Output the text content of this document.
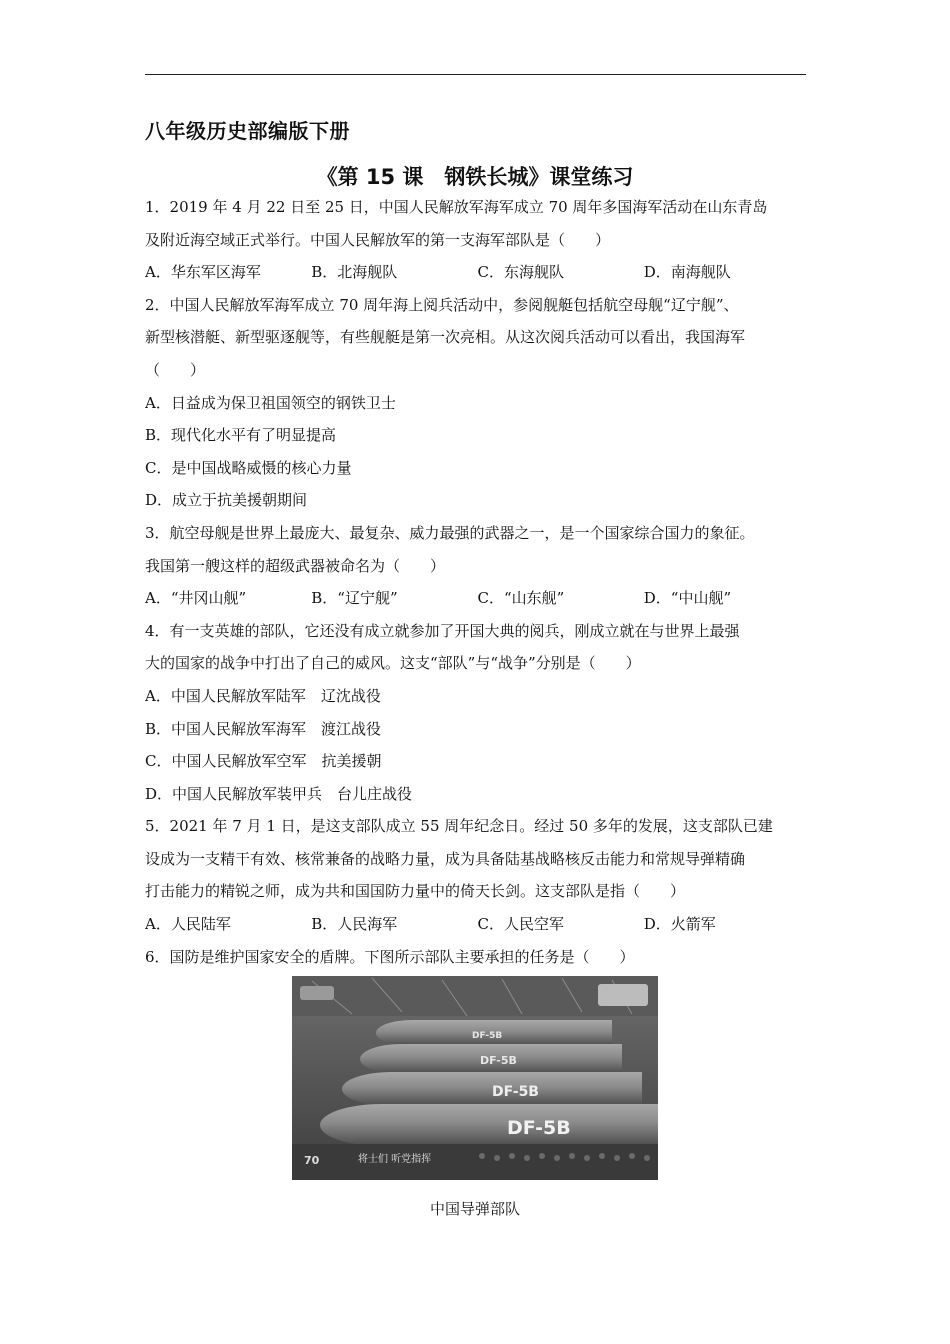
八年级历史部编版下册
《第 15 课　钢铁长城》课堂练习
1．2019 年 4 月 22 日至 25 日，中国人民解放军海军成立 70 周年多国海军活动在山东青岛
及附近海空域正式举行。中国人民解放军的第一支海军部队是（　　）
A．华东军区海军	B．北海舰队	C．东海舰队	D．南海舰队
2．中国人民解放军海军成立 70 周年海上阅兵活动中，参阅舰艇包括航空母舰“辽宁舰”、
新型核潜艇、新型驱逐舰等，有些舰艇是第一次亮相。从这次阅兵活动可以看出，我国海军
（　　）
A．日益成为保卫祖国领空的钢铁卫士
B．现代化水平有了明显提高
C．是中国战略威慑的核心力量
D．成立于抗美援朝期间
3．航空母舰是世界上最庞大、最复杂、威力最强的武器之一，是一个国家综合国力的象征。
我国第一艘这样的超级武器被命名为（　　）
A．“井冈山舰”	B．“辽宁舰”	C．“山东舰”	D．“中山舰”
4．有一支英雄的部队，它还没有成立就参加了开国大典的阅兵，刚成立就在与世界上最强
大的国家的战争中打出了自己的威风。这支“部队”与“战争”分别是（　　）
A．中国人民解放军陆军　辽沈战役
B．中国人民解放军海军　渡江战役
C．中国人民解放军空军　抗美援朝
D．中国人民解放军装甲兵　台儿庄战役
5．2021 年 7 月 1 日，是这支部队成立 55 周年纪念日。经过 50 多年的发展，这支部队已建
设成为一支精干有效、核常兼备的战略力量，成为具备陆基战略核反击能力和常规导弹精确
打击能力的精锐之师，成为共和国国防力量中的倚天长剑。这支部队是指（　　）
A．人民陆军	B．人民海军	C．人民空军	D．火箭军
6．国防是维护国家安全的盾牌。下图所示部队主要承担的任务是（　　）
DF-5B
DF-5B
DF-5B
DF-5B
70	将士们 听党指挥
中国导弹部队
